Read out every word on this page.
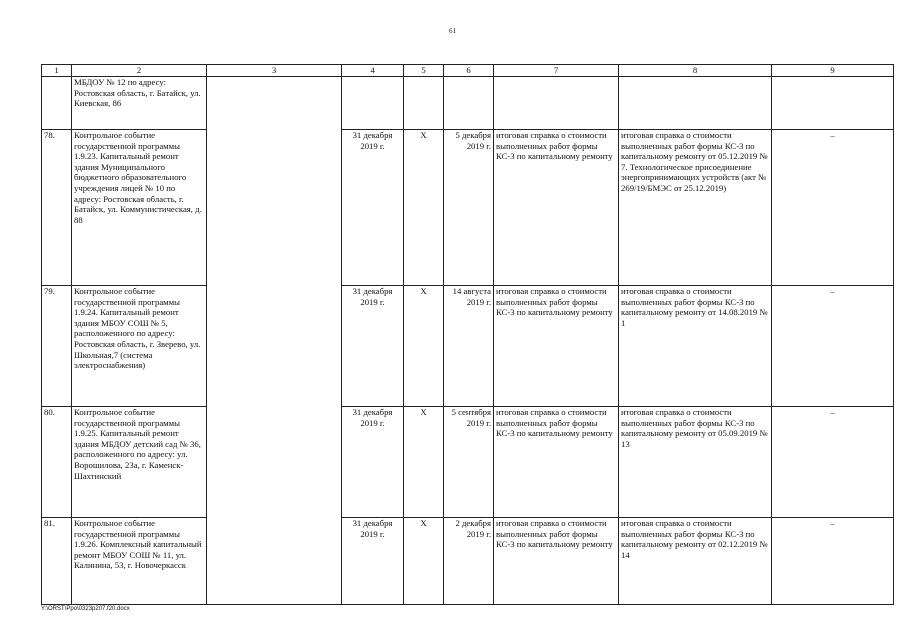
61
1	2	3	4	5	6	7	8	9
	МБДОУ № 12 по адресу: Ростовская область, г. Батайск, ул. Киевская, 86							
78.	Контрольное событие государственной программы 1.9.23. Капитальный ремонт здания Муниципального бюджетного образовательного учреждения лицей № 10 по адресу: Ростовская область, г. Батайск, ул. Коммунистическая, д. 88		31 декабря 2019 г.	X	5 декабря 2019 г.	итоговая справка о стоимости выполненных работ формы КС-3 по капитальному ремонту	итоговая справка о стоимости выполненных работ формы КС-3 по капитальному ремонту от 05.12.2019 № 7. Технологическое присоединение энергопринимающих устройств (акт № 269/19/БМЭС от 25.12.2019)	–
79.	Контрольное событие государственной программы 1.9.24. Капитальный ремонт здания МБОУ СОШ № 5, расположенного по адресу: Ростовская область, г. Зверево, ул. Школьная,7 (система электроснабжения)		31 декабря 2019 г.	X	14 августа 2019 г.	итоговая справка о стоимости выполненных работ формы КС-3 по капитальному ремонту	итоговая справка о стоимости выполненных работ формы КС-3 по капитальному ремонту от 14.08.2019 № 1	–
80.	Контрольное событие государственной программы 1.9.25. Капитальный ремонт здания МБДОУ детский сад № 36, расположенного по адресу: ул. Ворошилова, 23а, г. Каменск-Шахтинский		31 декабря 2019 г.	X	5 сентября 2019 г.	итоговая справка о стоимости выполненных работ формы КС-3 по капитальному ремонту	итоговая справка о стоимости выполненных работ формы КС-3 по капитальному ремонту от 05.09.2019 № 13	–
81.	Контрольное событие государственной программы 1.9.26. Комплексный капитальный ремонт МБОУ СОШ № 11, ул. Калинина, 53, г. Новочеркасск		31 декабря 2019 г.	X	2 декабря 2019 г.	итоговая справка о стоимости выполненных работ формы КС-3 по капитальному ремонту	итоговая справка о стоимости выполненных работ формы КС-3 по капитальному ремонту от 02.12.2019 № 14	–
Y:\ORST\Ppo\0323p207.f20.docx
